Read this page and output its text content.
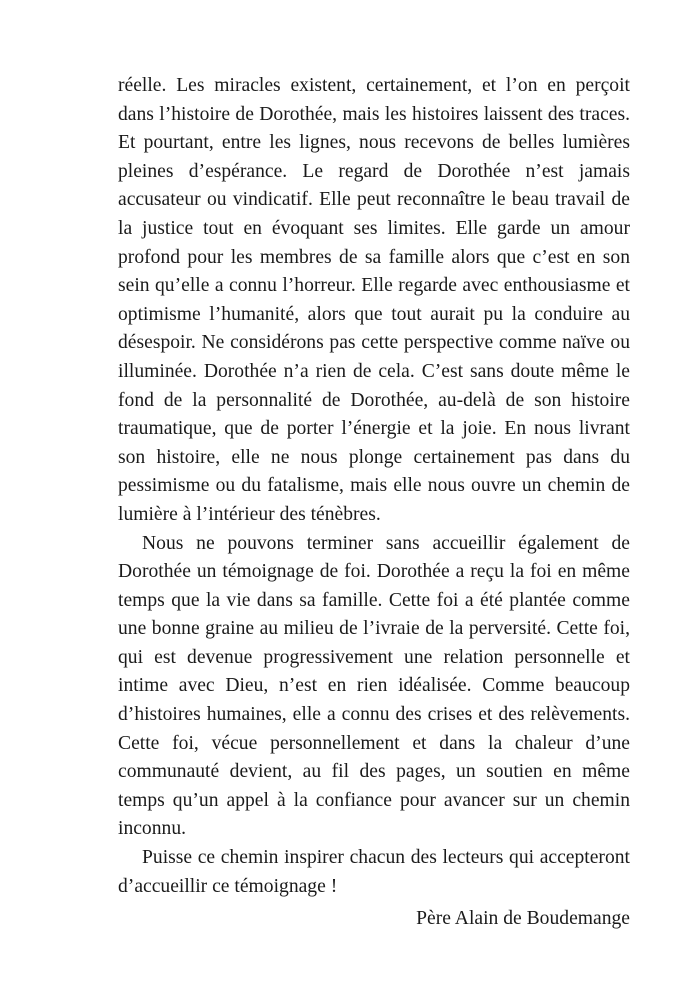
réelle. Les miracles existent, certainement, et l’on en perçoit dans l’histoire de Dorothée, mais les histoires laissent des traces. Et pourtant, entre les lignes, nous recevons de belles lumières pleines d’espérance. Le regard de Dorothée n’est jamais accusateur ou vindicatif. Elle peut reconnaître le beau travail de la justice tout en évoquant ses limites. Elle garde un amour profond pour les membres de sa famille alors que c’est en son sein qu’elle a connu l’horreur. Elle regarde avec enthousiasme et optimisme l’humanité, alors que tout aurait pu la conduire au désespoir. Ne considérons pas cette perspective comme naïve ou illuminée. Dorothée n’a rien de cela. C’est sans doute même le fond de la personnalité de Dorothée, au-delà de son histoire traumatique, que de porter l’énergie et la joie. En nous livrant son histoire, elle ne nous plonge certainement pas dans du pessimisme ou du fatalisme, mais elle nous ouvre un chemin de lumière à l’intérieur des ténèbres.

Nous ne pouvons terminer sans accueillir également de Dorothée un témoignage de foi. Dorothée a reçu la foi en même temps que la vie dans sa famille. Cette foi a été plantée comme une bonne graine au milieu de l’ivraie de la perversité. Cette foi, qui est devenue progressivement une relation personnelle et intime avec Dieu, n’est en rien idéalisée. Comme beaucoup d’histoires humaines, elle a connu des crises et des relèvements. Cette foi, vécue personnellement et dans la chaleur d’une communauté devient, au fil des pages, un soutien en même temps qu’un appel à la confiance pour avancer sur un chemin inconnu.

Puisse ce chemin inspirer chacun des lecteurs qui accepteront d’accueillir ce témoignage !

Père Alain de Boudemange
